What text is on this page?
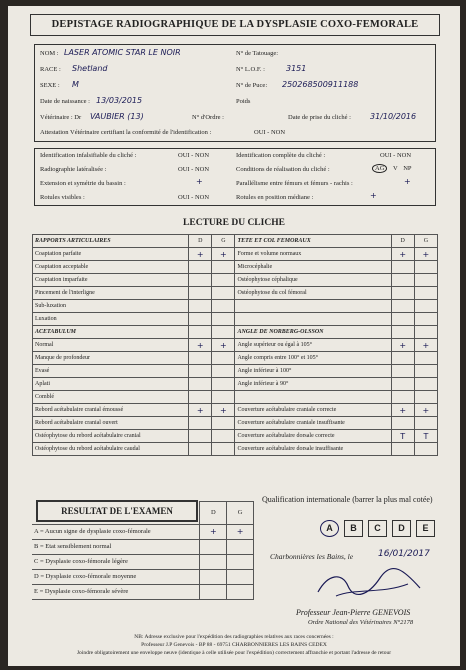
DEPISTAGE RADIOGRAPHIQUE DE LA DYSPLASIE COXO-FEMORALE
NOM : LASER ATOMIC STAR LE NOIR	N° de Tatouage:
RACE : Shetland	N° L.O.F. :	3151
SEXE : M	N° de Puce: 250268500911188
Date de naissance : 13/03/2015	Poids
Vétérinaire : Dr VAUBIER (13)	N° d'Ordre :	Date de prise du cliché : 31/10/2016
Attestation Vétérinaire certifiant la conformité de l'identification :	OUI - NON
Identification infalsifiable du cliché :	OUI - NON	Identification complète du cliché :	OUI - NON
Radiographie latéralisée :	OUI - NON	Conditions de réalisation du cliché :	AG V NP
Extension et symétrie du bassin :	+	Parallélisme entre fémurs et fémurs - rachis :	+
Rotules visibles :	OUI - NON	Rotules en position médiane :	+
LECTURE DU CLICHE
RAPPORTS ARTICULAIRES	D	G	TETE ET COL FEMORAUX	D	G
Coaptation parfaite	+	+	Forme et volume normaux	+	+
Coaptation acceptable			Microcéphalie		
Coaptation imparfaite			Ostéophytose céphalique		
Pincement de l'interligne			Ostéophytose du col fémoral		
Sub-luxation					
Luxation					
ACETABULUM			ANGLE DE NORBERG-OLSSON		
Normal	+	+	Angle supérieur ou égal à 105°	+	+
Manque de profondeur			Angle compris entre 100° et 105°		
Evasé			Angle inférieur à 100°		
Aplati			Angle inférieur à 90°		
Comblé					
Rebord acétabulaire cranial émoussé	+	+	Couverture acétabulaire craniale correcte	+	+
Rebord acétabulaire cranial ouvert			Couverture acétabulaire craniale insuffisante		
Ostéophytose du rebord acétabulaire cranial			Couverture acétabulaire dorsale correcte	T	T
Ostéophytose du rebord acétabulaire caudal			Couverture acétabulaire dorsale insuffisante		
RESULTAT DE L'EXAMEN
		D	G
A = Aucun signe de dysplasie coxo-fémorale	+	+
B = Etat sensiblement normal		
C = Dysplasie coxo-fémorale légère		
D = Dysplasie coxo-fémorale moyenne		
E = Dysplasie coxo-fémorale sévère		
Qualification internationale (barrer la plus mal cotée)
A	B	C	D	E
Charbonnières les Bains, le	16/01/2017
Professeur Jean-Pierre GENEVOIS
Ordre National des Vétérinaires N°2178
NB: Adresse exclusive pour l'expédition des radiographies relatives aux races concernées :
Professeur J.P Genevois - BP 88 - 69751 CHARBONNIERES LES BAINS CEDEX
Joindre obligatoirement une enveloppe neuve (identique à celle utilisée pour l'expédition) correctement affranchie et portant l'adresse de retour
